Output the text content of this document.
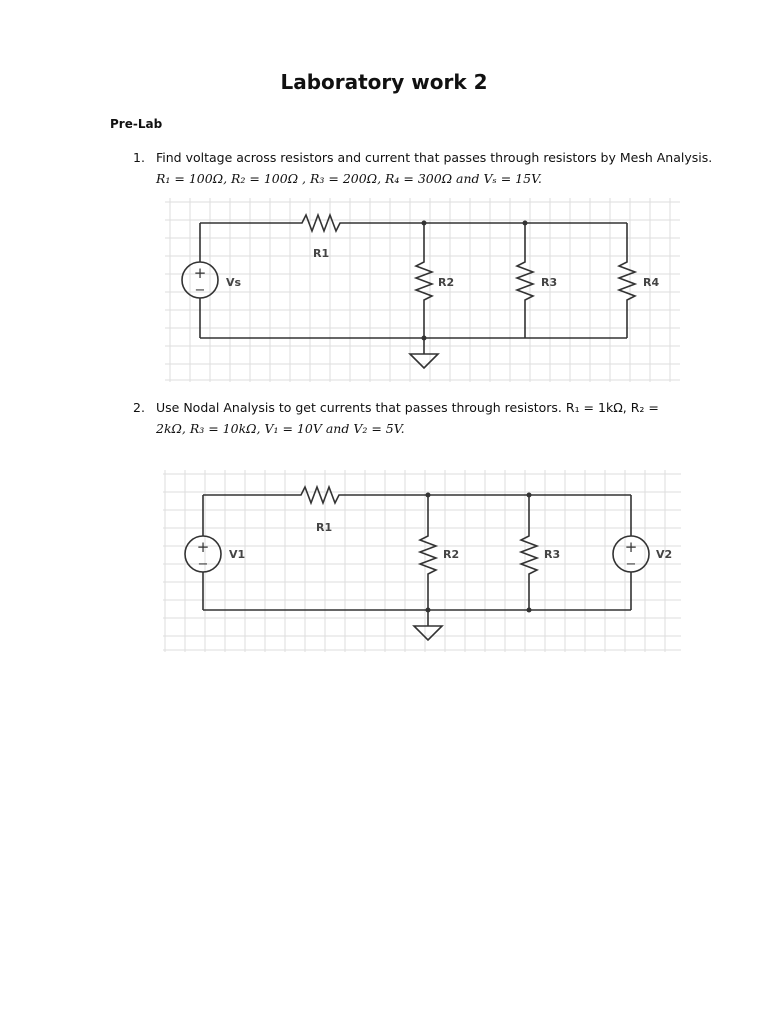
Laboratory work 2
Pre-Lab
1. Find voltage across resistors and current that passes through resistors by Mesh Analysis.
R₁ = 100Ω, R₂ = 100Ω , R₃ = 200Ω, R₄ = 300Ω and Vₛ = 15V.
+
−
Vs
R1
R2	R3	R4
2. Use Nodal Analysis to get currents that passes through resistors. R₁ = 1kΩ, R₂ =
2kΩ, R₃ = 10kΩ, V₁ = 10V and V₂ = 5V.
+
−
V1
R1
R2	R3	+
−
V2
